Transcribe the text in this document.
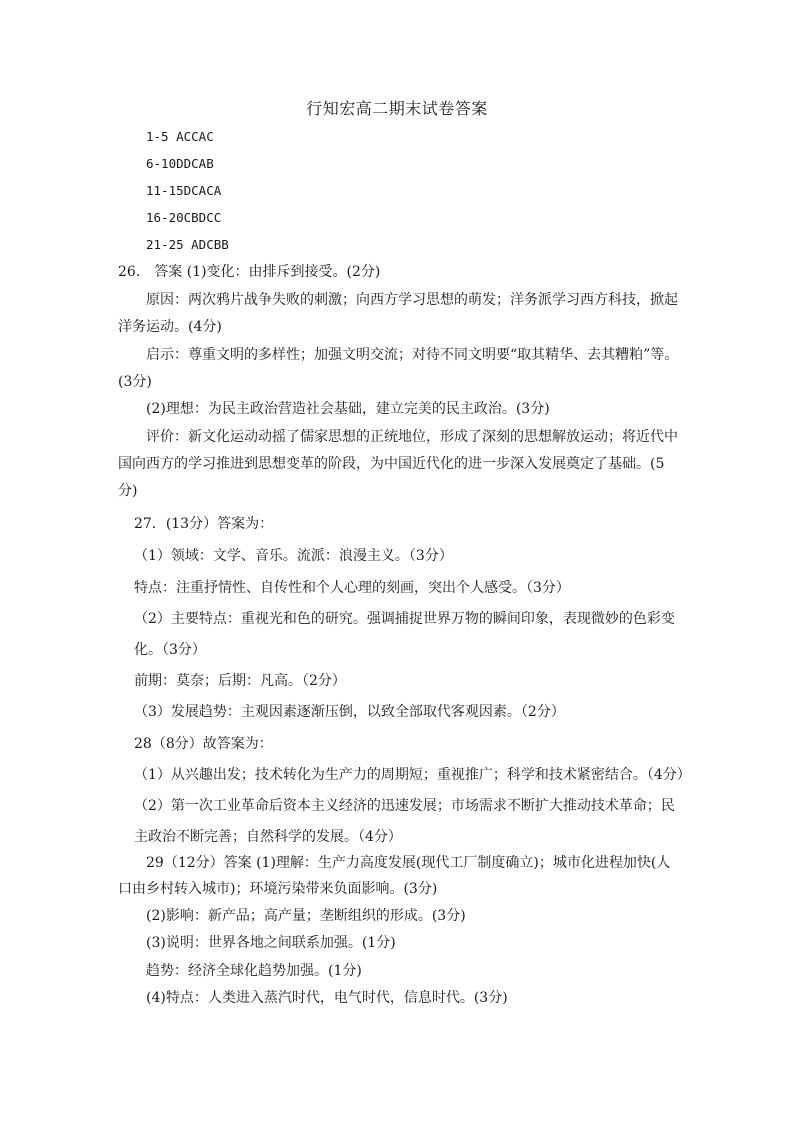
行知宏高二期末试卷答案
1-5 ACCAC
6-10DDCAB
11-15DCACA
16-20CBDCC
21-25 ADCBB
26． 答案 (1)变化：由排斥到接受。(2分)
原因：两次鸦片战争失败的刺激；向西方学习思想的萌发；洋务派学习西方科技，掀起
洋务运动。(4分)
启示：尊重文明的多样性；加强文明交流；对待不同文明要“取其精华、去其糟粕”等。
(3分)
(2)理想：为民主政治营造社会基础，建立完美的民主政治。(3分)
评价：新文化运动动摇了儒家思想的正统地位，形成了深刻的思想解放运动；将近代中
国向西方的学习推进到思想变革的阶段，为中国近代化的进一步深入发展奠定了基础。(5
分)
27．(13分）答案为：
（1）领域：文学、音乐。流派：浪漫主义。（3分）
特点：注重抒情性、自传性和个人心理的刻画，突出个人感受。（3分）
（2）主要特点：重视光和色的研究。强调捕捉世界万物的瞬间印象，表现微妙的色彩变
化。（3分）
前期：莫奈；后期：凡高。（2分）
（3）发展趋势：主观因素逐渐压倒，以致全部取代客观因素。（2分）
28（8分）故答案为：
（1）从兴趣出发；技术转化为生产力的周期短；重视推广；科学和技术紧密结合。（4分）
（2）第一次工业革命后资本主义经济的迅速发展；市场需求不断扩大推动技术革命；民
主政治不断完善；自然科学的发展。（4分）
29（12分）答案 (1)理解：生产力高度发展(现代工厂制度确立)；城市化进程加快(人
口由乡村转入城市)；环境污染带来负面影响。(3分)
(2)影响：新产品；高产量；垄断组织的形成。(3分)
(3)说明：世界各地之间联系加强。(1分)
趋势：经济全球化趋势加强。(1分)
(4)特点：人类进入蒸汽时代，电气时代，信息时代。(3分)
